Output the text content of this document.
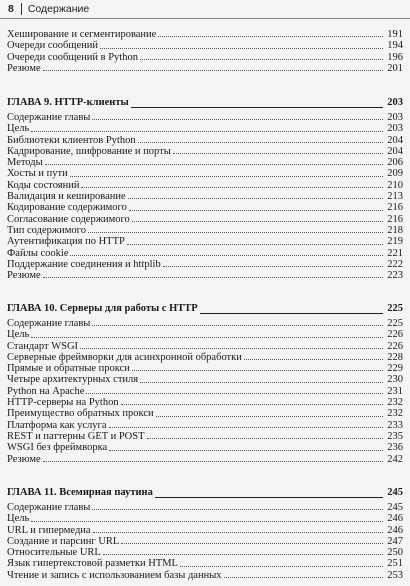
8 Содержание
Хеширование и сегментирование	191
Очереди сообщений	194
Очереди сообщений в Python	196
Резюме	201
ГЛАВА 9. HTTP-клиенты	203
Содержание главы	203
Цель	203
Библиотеки клиентов Python	204
Кадрирование, шифрование и порты	204
Методы	206
Хосты и пути	209
Коды состояний	210
Валидация и кеширование	213
Кодирование содержимого	216
Согласование содержимого	216
Тип содержимого	218
Аутентификация по HTTP	219
Файлы cookie	221
Поддержание соединения и httplib	222
Резюме	223
ГЛАВА 10. Серверы для работы с HTTP	225
Содержание главы	225
Цель	226
Стандарт WSGI	226
Серверные фреймворки для асинхронной обработки	228
Прямые и обратные прокси	229
Четыре архитектурных стиля	230
Python на Apache	231
HTTP-серверы на Python	232
Преимущество обратных прокси	232
Платформа как услуга	233
REST и паттерны GET и POST	235
WSGI без фреймворка	236
Резюме	242
ГЛАВА 11. Всемирная паутина	245
Содержание главы	245
Цель	246
URL и гипермедиа	246
Создание и парсинг URL	247
Относительные URL	250
Язык гипертекстовой разметки HTML	251
Чтение и запись с использованием базы данных	253
